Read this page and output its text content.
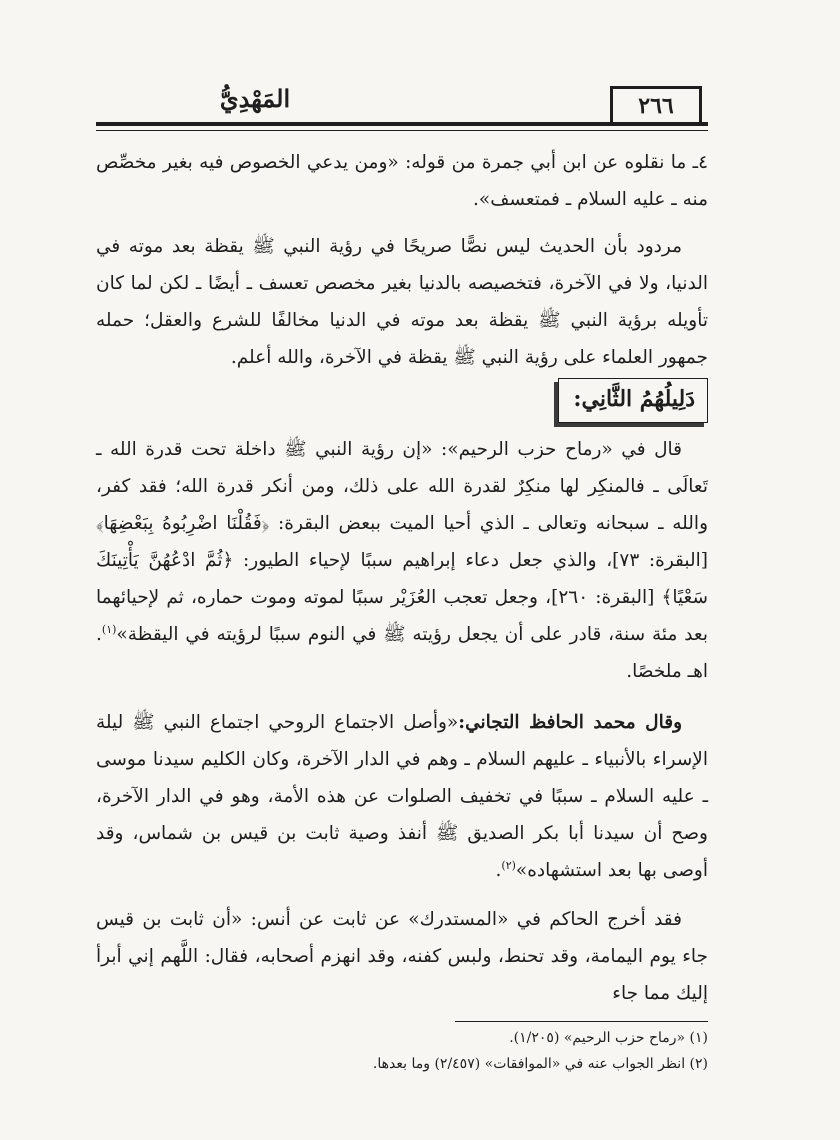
٢٦٦
المَهْدِيُّ

٤ـ ما نقلوه عن ابن أبي جمرة من قوله: «ومن يدعي الخصوص فيه بغير مخصِّص منه ـ عليه السلام ـ فمتعسف».

مردود بأن الحديث ليس نصًّا صريحًا في رؤية النبي ﷺ يقظة بعد موته في الدنيا، ولا في الآخرة، فتخصيصه بالدنيا بغير مخصص تعسف ـ أيضًا ـ لكن لما كان تأويله برؤية النبي ﷺ يقظة بعد موته في الدنيا مخالفًا للشرع والعقل؛ حمله جمهور العلماء على رؤية النبي ﷺ يقظة في الآخرة، والله أعلم.

دَلِيلُهُمُ الثَّانِي:

قال في «رماح حزب الرحيم»: «إن رؤية النبي ﷺ داخلة تحت قدرة الله ـ تَعالَى ـ فالمنكِر لها منكِرٌ لقدرة الله على ذلك، ومن أنكر قدرة الله؛ فقد كفر، والله ـ سبحانه وتعالى ـ الذي أحيا الميت ببعض البقرة: ﴿فَقُلْنَا اضْرِبُوهُ بِبَعْضِهَا﴾ [البقرة: ٧٣]، والذي جعل دعاء إبراهيم سببًا لإحياء الطيور: ﴿ثُمَّ ادْعُهُنَّ يَأْتِينَكَ سَعْيًا﴾ [البقرة: ٢٦٠]، وجعل تعجب العُزَيْر سببًا لموته وموت حماره، ثم لإحيائهما بعد مئة سنة، قادر على أن يجعل رؤيته ﷺ في النوم سببًا لرؤيته في اليقظة»$^{(١)}$. اهـ ملخصًا.

وقال محمد الحافظ التجاني:«وأصل الاجتماع الروحي اجتماع النبي ﷺ ليلة الإسراء بالأنبياء ـ عليهم السلام ـ وهم في الدار الآخرة، وكان الكليم سيدنا موسى ـ عليه السلام ـ سببًا في تخفيف الصلوات عن هذه الأمة، وهو في الدار الآخرة، وصح أن سيدنا أبا بكر الصديق ﷺ أنفذ وصية ثابت بن قيس بن شماس، وقد أوصى بها بعد استشهاده»$^{(٢)}$.

فقد أخرج الحاكم في «المستدرك» عن ثابت عن أنس: «أن ثابت بن قيس جاء يوم اليمامة، وقد تحنط، ولبس كفنه، وقد انهزم أصحابه، فقال: اللَّهم إني أبرأ إليك مما جاء

(١) «رماح حزب الرحيم» (١/٢٠٥).

(٢) انظر الجواب عنه في «الموافقات» (٢/٤٥٧) وما بعدها.
